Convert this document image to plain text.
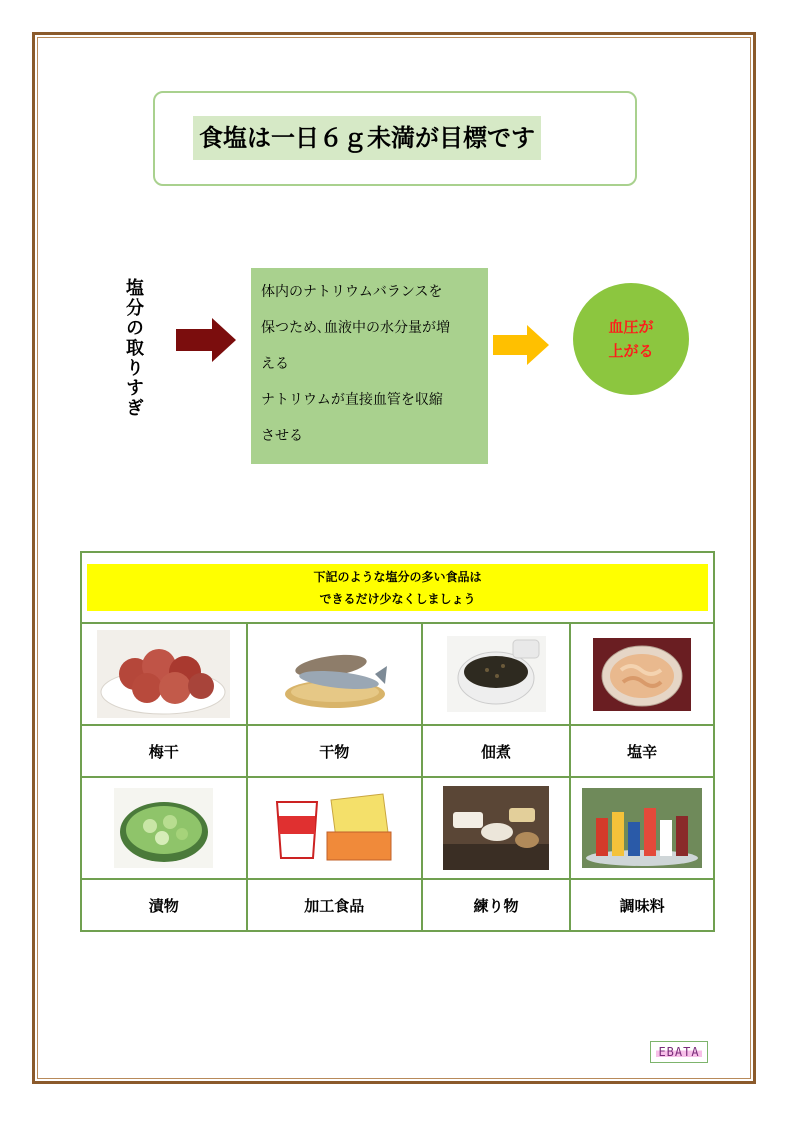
食塩は一日６ｇ未満が目標です
塩分の取りすぎ	体内のナトリウムバランスを
保つため､血液中の水分量が増
える
ナトリウムが直接血管を収縮
させる
血圧が
上がる
下記のような塩分の多い食品は
できるだけ少なくしましょう			

梅干	干物	佃煮	塩辛

漬物	加工食品	練り物	調味料
EBATA
